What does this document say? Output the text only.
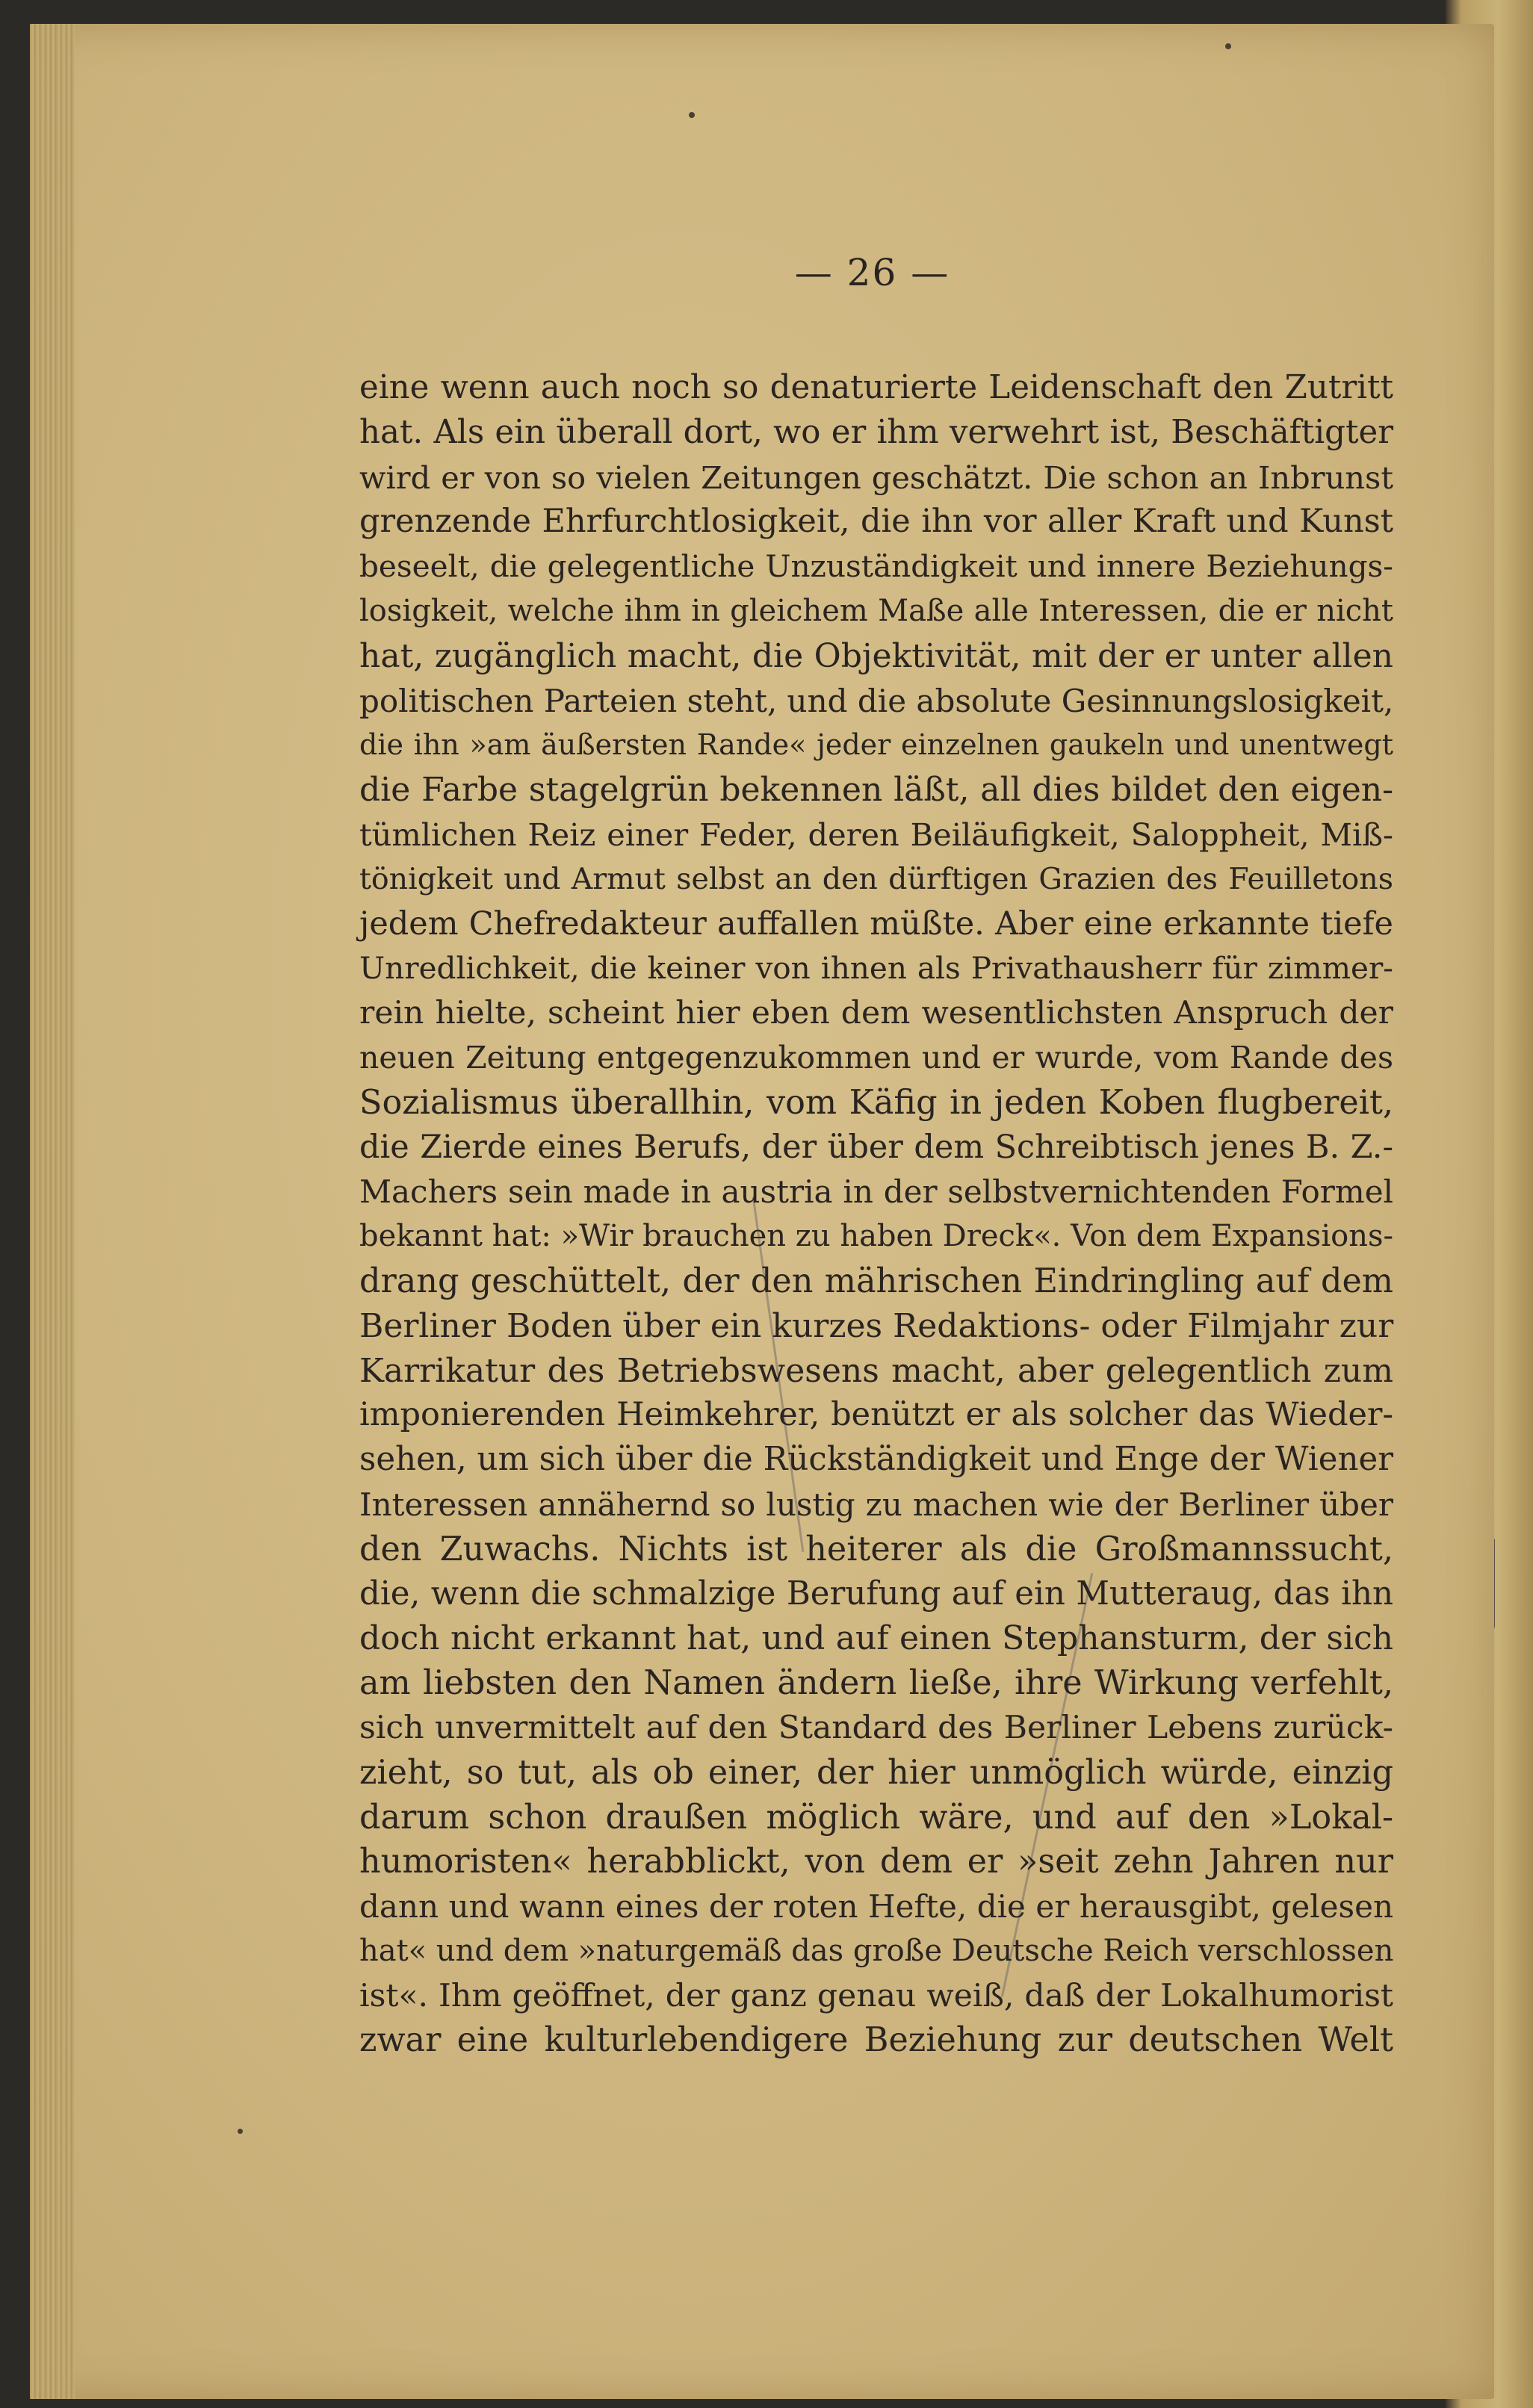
— 26 —
eine wenn auch noch so denaturierte Leidenschaft den Zutritt
hat. Als ein überall dort, wo er ihm verwehrt ist, Beschäftigter
wird er von so vielen Zeitungen geschätzt. Die schon an Inbrunst
grenzende Ehrfurchtlosigkeit, die ihn vor aller Kraft und Kunst
beseelt, die gelegentliche Unzuständigkeit und innere Beziehungs-
losigkeit, welche ihm in gleichem Maße alle Interessen, die er nicht
hat, zugänglich macht, die Objektivität, mit der er unter allen
politischen Parteien steht, und die absolute Gesinnungslosigkeit,
die ihn »am äußersten Rande« jeder einzelnen gaukeln und unentwegt
die Farbe stagelgrün bekennen läßt, all dies bildet den eigen-
tümlichen Reiz einer Feder, deren Beiläufigkeit, Saloppheit, Miß-
tönigkeit und Armut selbst an den dürftigen Grazien des Feuilletons
jedem Chefredakteur auffallen müßte. Aber eine erkannte tiefe
Unredlichkeit, die keiner von ihnen als Privathausherr für zimmer-
rein hielte, scheint hier eben dem wesentlichsten Anspruch der
neuen Zeitung entgegenzukommen und er wurde, vom Rande des
Sozialismus überallhin, vom Käfig in jeden Koben flugbereit,
die Zierde eines Berufs, der über dem Schreibtisch jenes B. Z.-
Machers sein made in austria in der selbstvernichtenden Formel
bekannt hat: »Wir brauchen zu haben Dreck«. Von dem Expansions-
drang geschüttelt, der den mährischen Eindringling auf dem
Berliner Boden über ein kurzes Redaktions- oder Filmjahr zur
Karrikatur des Betriebswesens macht, aber gelegentlich zum
imponierenden Heimkehrer, benützt er als solcher das Wieder-
sehen, um sich über die Rückständigkeit und Enge der Wiener
Interessen annähernd so lustig zu machen wie der Berliner über
den Zuwachs. Nichts ist heiterer als die Großmannssucht,
die, wenn die schmalzige Berufung auf ein Mutteraug, das ihn
doch nicht erkannt hat, und auf einen Stephansturm, der sich
am liebsten den Namen ändern ließe, ihre Wirkung verfehlt,
sich unvermittelt auf den Standard des Berliner Lebens zurück-
zieht, so tut, als ob einer, der hier unmöglich würde, einzig
darum schon draußen möglich wäre, und auf den »Lokal-
humoristen« herabblickt, von dem er »seit zehn Jahren nur
dann und wann eines der roten Hefte, die er herausgibt, gelesen
hat« und dem »naturgemäß das große Deutsche Reich verschlossen
ist«. Ihm geöffnet, der ganz genau weiß, daß der Lokalhumorist
zwar eine kulturlebendigere Beziehung zur deutschen Welt
